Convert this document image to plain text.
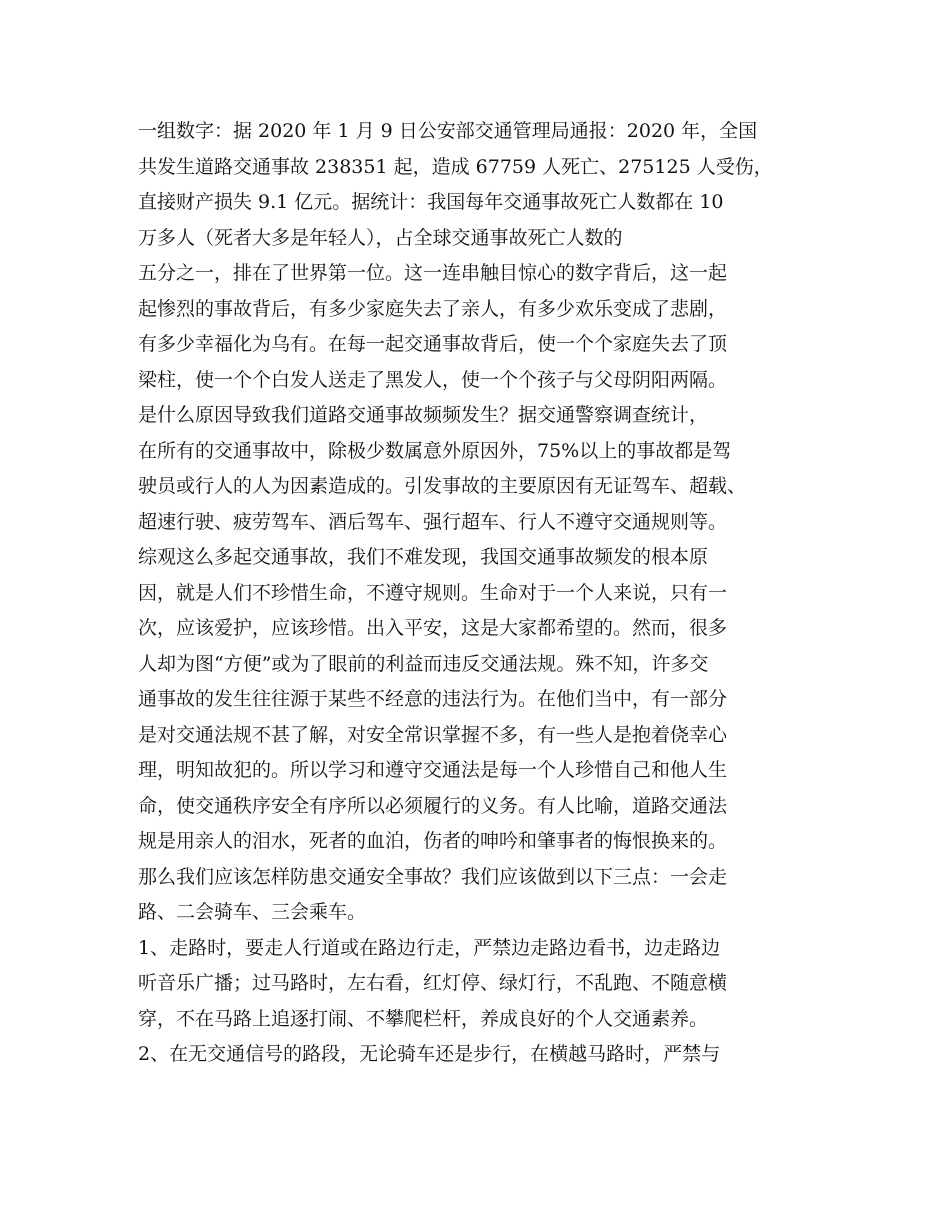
一组数字：据 2020 年 1 月 9 日公安部交通管理局通报：2020 年，全国
共发生道路交通事故 238351 起，造成 67759 人死亡、275125 人受伤，
直接财产损失 9.1 亿元。据统计：我国每年交通事故死亡人数都在 10
万多人（死者大多是年轻人），占全球交通事故死亡人数的
五分之一，排在了世界第一位。这一连串触目惊心的数字背后，这一起
起惨烈的事故背后，有多少家庭失去了亲人，有多少欢乐变成了悲剧，
有多少幸福化为乌有。在每一起交通事故背后，使一个个家庭失去了顶
梁柱，使一个个白发人送走了黑发人，使一个个孩子与父母阴阳两隔。
是什么原因导致我们道路交通事故频频发生？据交通警察调查统计，
在所有的交通事故中，除极少数属意外原因外，75%以上的事故都是驾
驶员或行人的人为因素造成的。引发事故的主要原因有无证驾车、超载、
超速行驶、疲劳驾车、酒后驾车、强行超车、行人不遵守交通规则等。
综观这么多起交通事故，我们不难发现，我国交通事故频发的根本原
因，就是人们不珍惜生命，不遵守规则。生命对于一个人来说，只有一
次，应该爱护，应该珍惜。出入平安，这是大家都希望的。然而，很多
人却为图“方便”或为了眼前的利益而违反交通法规。殊不知，许多交
通事故的发生往往源于某些不经意的违法行为。在他们当中，有一部分
是对交通法规不甚了解，对安全常识掌握不多，有一些人是抱着侥幸心
理，明知故犯的。所以学习和遵守交通法是每一个人珍惜自己和他人生
命，使交通秩序安全有序所以必须履行的义务。有人比喻，道路交通法
规是用亲人的泪水，死者的血泊，伤者的呻吟和肇事者的悔恨换来的。
那么我们应该怎样防患交通安全事故？我们应该做到以下三点：一会走
路、二会骑车、三会乘车。
1、走路时，要走人行道或在路边行走，严禁边走路边看书，边走路边
听音乐广播；过马路时，左右看，红灯停、绿灯行，不乱跑、不随意横
穿，不在马路上追逐打闹、不攀爬栏杆，养成良好的个人交通素养。
2、在无交通信号的路段，无论骑车还是步行，在横越马路时，严禁与
